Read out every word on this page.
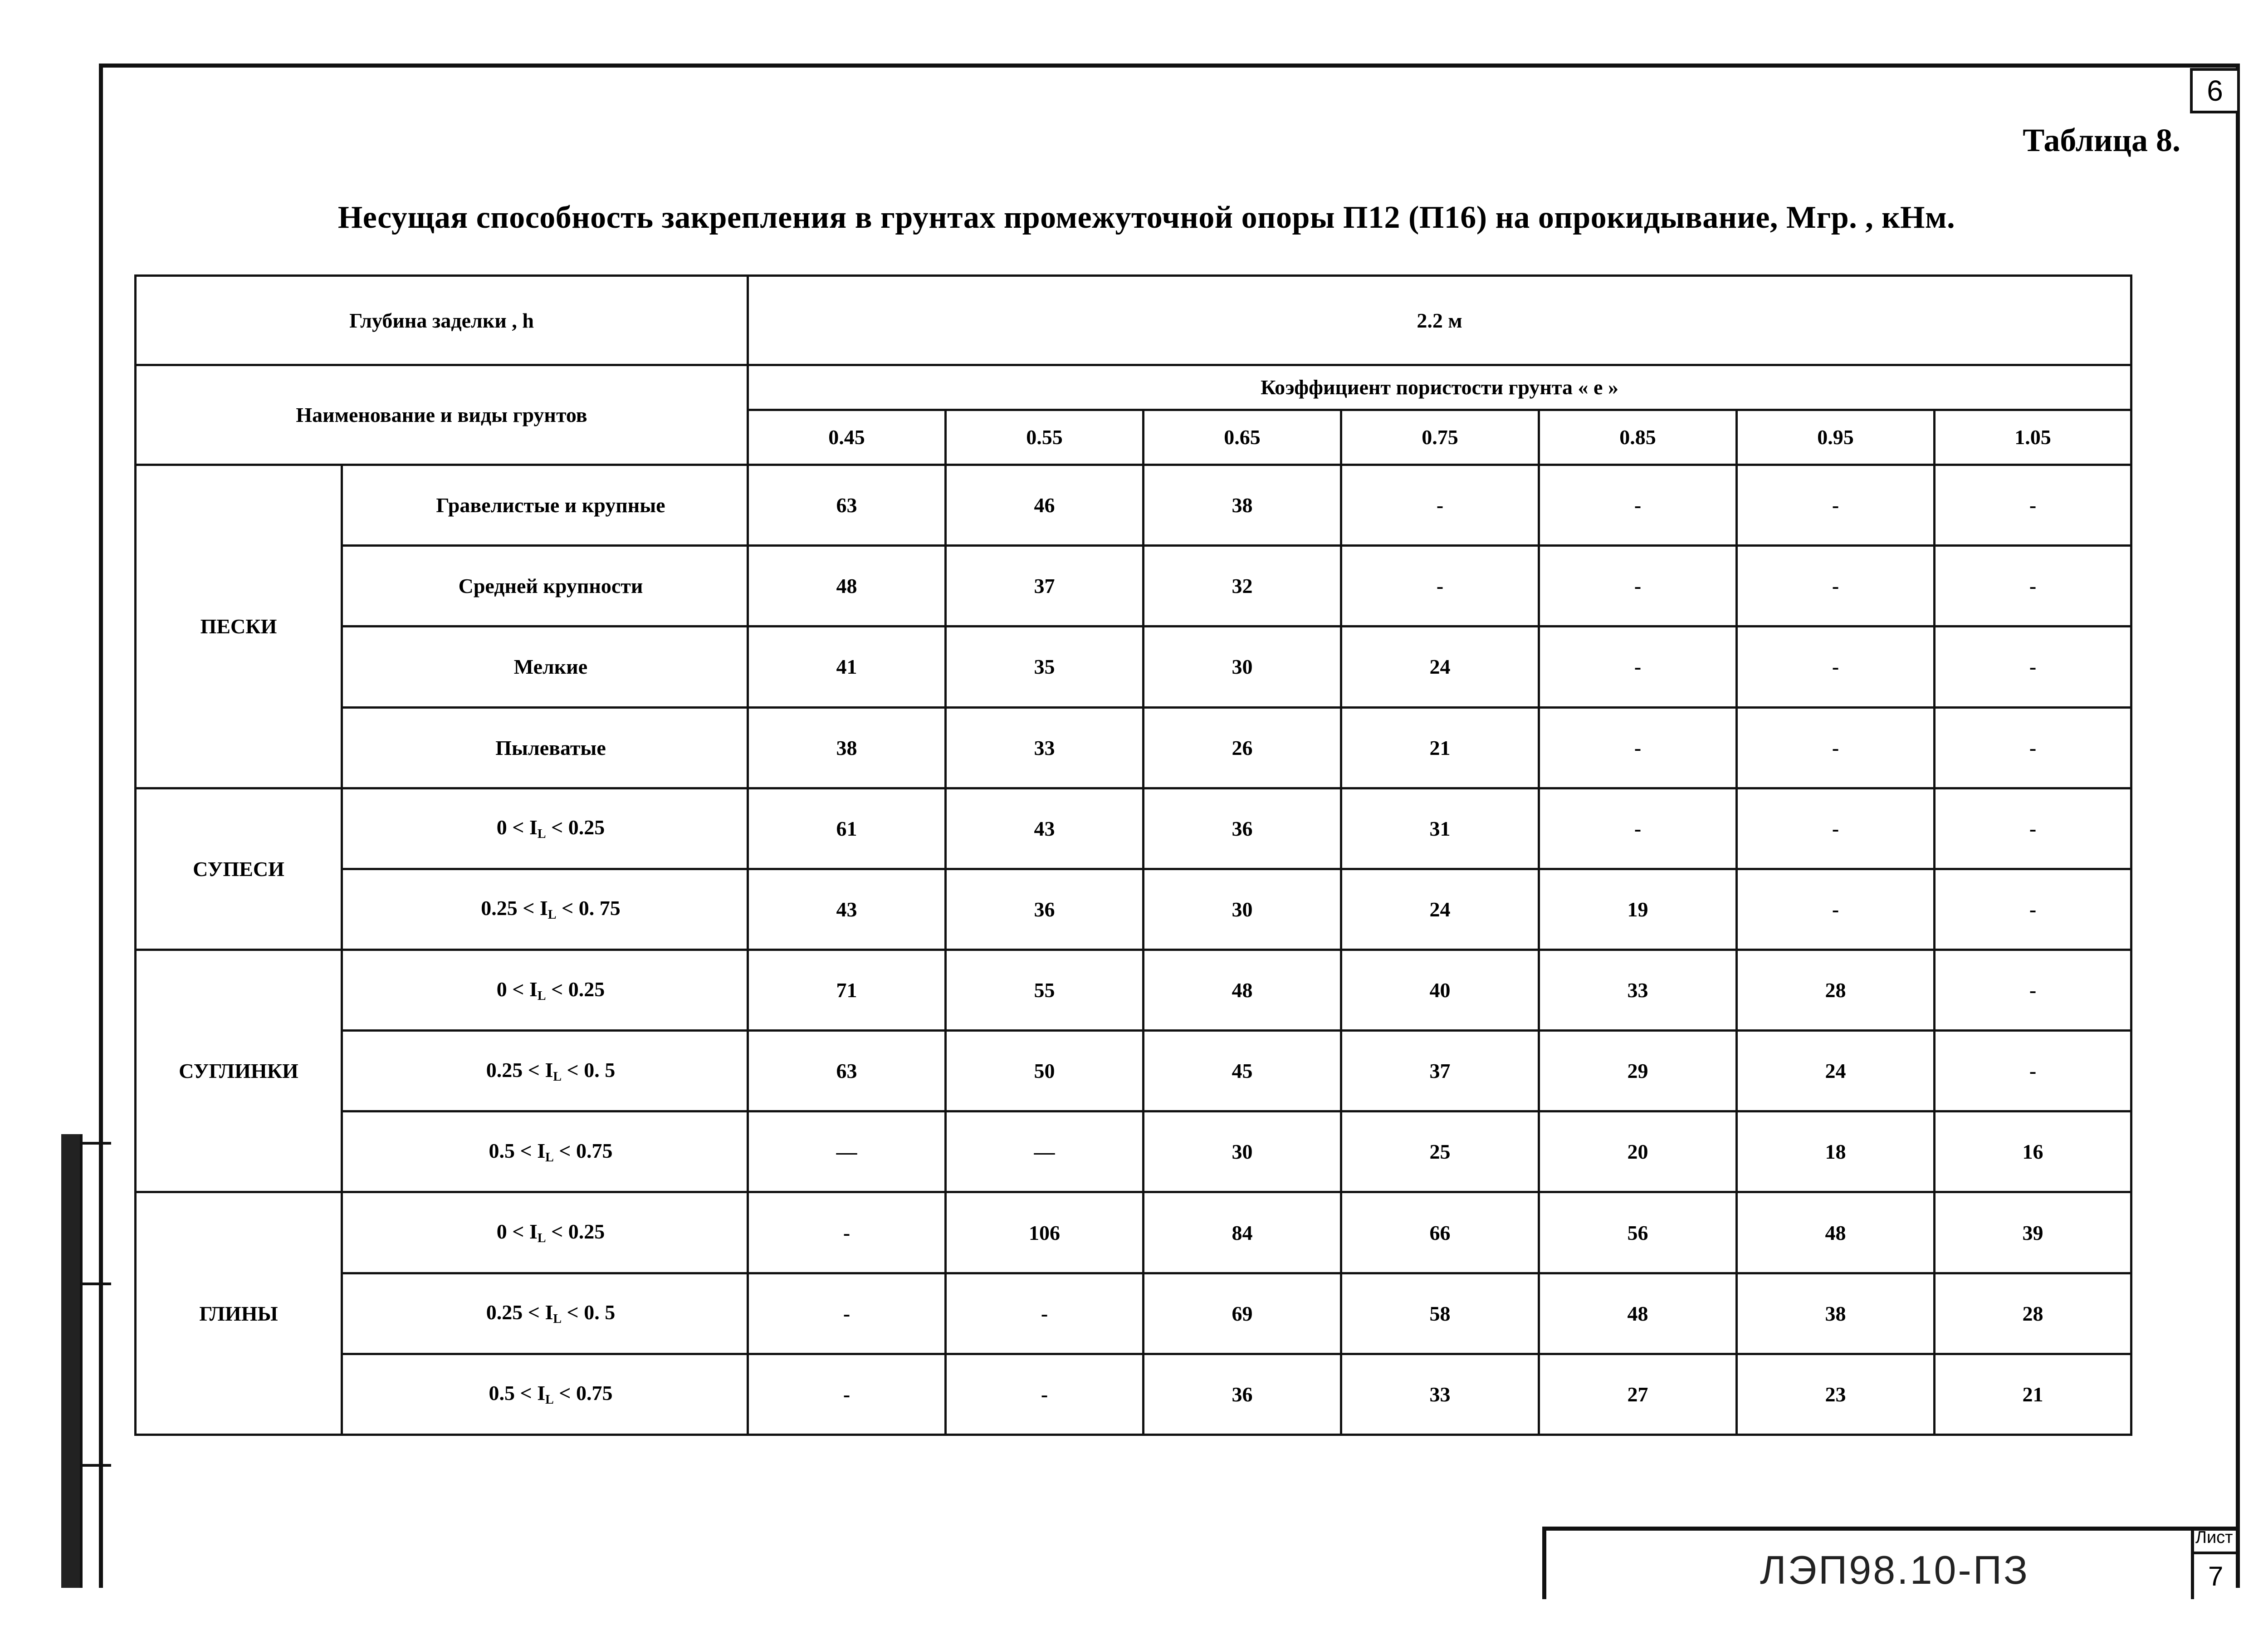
6
Таблица 8.
Несущая способность закрепления в грунтах промежуточной опоры П12 (П16) на опрокидывание, Мгр. , кНм.
Глубина заделки , h		2.2 м						
Наименование и виды грунтов		Коэффициент пористости грунта « е »						
		0.45	0.55	0.65	0.75	0.85	0.95	1.05
ПЕСКИ	Гравелистые и крупные	63	46	38	-	-	-	-
	Средней крупности	48	37	32	-	-	-	-
	Мелкие	41	35	30	24	-	-	-
	Пылеватые	38	33	26	21	-	-	-
СУПЕСИ	$0 < I_L < 0.25$	61	43	36	31	-	-	-
	$0.25 < I_L < 0$. 75	43	36	30	24	19	-	-
СУГЛИНКИ	$0 < I_L < 0.25$	71	55	48	40	33	28	-
	$0.25 < I_L < 0$. 5	63	50	45	37	29	24	-
	$0.5 < I_L < 0.75$	—	—	30	25	20	18	16
ГЛИНЫ	$0 < I_L < 0.25$	-	106	84	66	56	48	39
	$0.25 < I_L < 0$. 5	-	-	69	58	48	38	28
	$0.5 < I_L < 0.75$	-	-	36	33	27	23	21
ЛЭП98.10-ПЗ
Лист
7
